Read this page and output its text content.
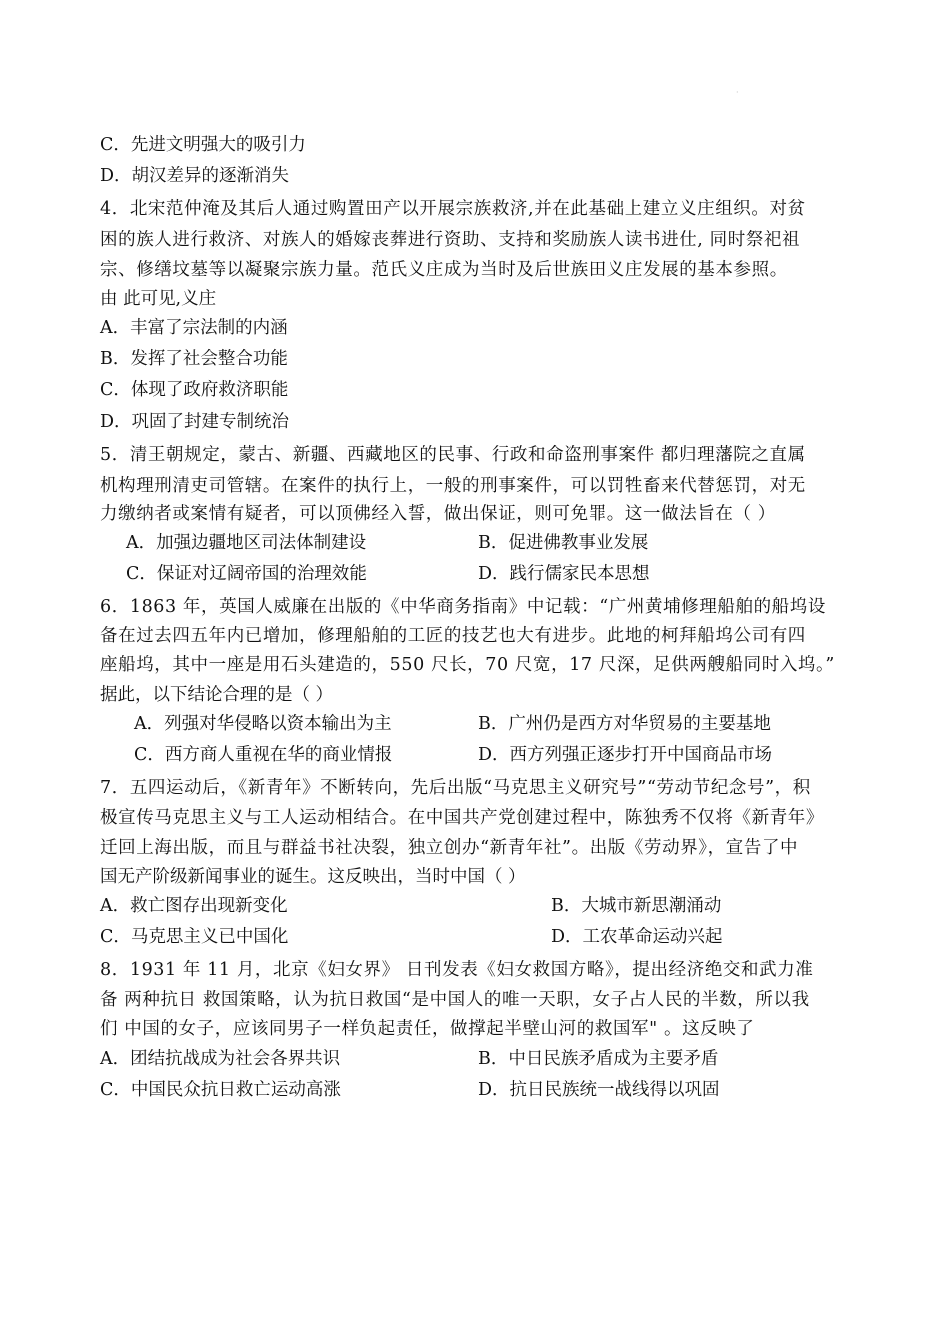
·
C．先进文明强大的吸引力
D．胡汉差异的逐渐消失
4．北宋范仲淹及其后人通过购置田产以开展宗族救济,并在此基础上建立义庄组织。对贫
困的族人进行救济、对族人的婚嫁丧葬进行资助、支持和奖励族人读书进仕, 同时祭祀祖
宗、修缮坟墓等以凝聚宗族力量。范氏义庄成为当时及后世族田义庄发展的基本参照。
由 此可见,义庄
A．丰富了宗法制的内涵
B．发挥了社会整合功能
C．体现了政府救济职能
D．巩固了封建专制统治
5．清王朝规定，蒙古、新疆、西藏地区的民事、行政和命盗刑事案件 都归理藩院之直属
机构理刑清吏司管辖。在案件的执行上，一般的刑事案件，可以罚牲畜来代替惩罚，对无
力缴纳者或案情有疑者，可以顶佛经入誓，做出保证，则可免罪。这一做法旨在（ ）
A．加强边疆地区司法体制建设	B．促进佛教事业发展
C．保证对辽阔帝国的治理效能	D．践行儒家民本思想
6．1863 年，英国人威廉在出版的《中华商务指南》中记载：“广州黄埔修理船舶的船坞设
备在过去四五年内已增加，修理船舶的工匠的技艺也大有进步。此地的柯拜船坞公司有四
座船坞，其中一座是用石头建造的，550 尺长，70 尺宽，17 尺深，足供两艘船同时入坞。”
据此，以下结论合理的是（ ）
A．列强对华侵略以资本输出为主	B．广州仍是西方对华贸易的主要基地
C．西方商人重视在华的商业情报	D．西方列强正逐步打开中国商品市场
7．五四运动后，《新青年》不断转向，先后出版“马克思主义研究号”“劳动节纪念号”，积
极宣传马克思主义与工人运动相结合。在中国共产党创建过程中，陈独秀不仅将《新青年》
迁回上海出版，而且与群益书社决裂，独立创办“新青年社”。出版《劳动界》，宣告了中
国无产阶级新闻事业的诞生。这反映出，当时中国（ ）
A．救亡图存出现新变化	B．大城市新思潮涌动
C．马克思主义已中国化	D．工农革命运动兴起
8．1931 年 11 月，北京《妇女界》 日刊发表《妇女救国方略》，提出经济绝交和武力准
备 两种抗日 救国策略，认为抗日救国“是中国人的唯一天职，女子占人民的半数，所以我
们 中国的女子，应该同男子一样负起责任，做撑起半壁山河的救国军" 。这反映了
A．团结抗战成为社会各界共识	B．中日民族矛盾成为主要矛盾
C．中国民众抗日救亡运动高涨	D．抗日民族统一战线得以巩固
